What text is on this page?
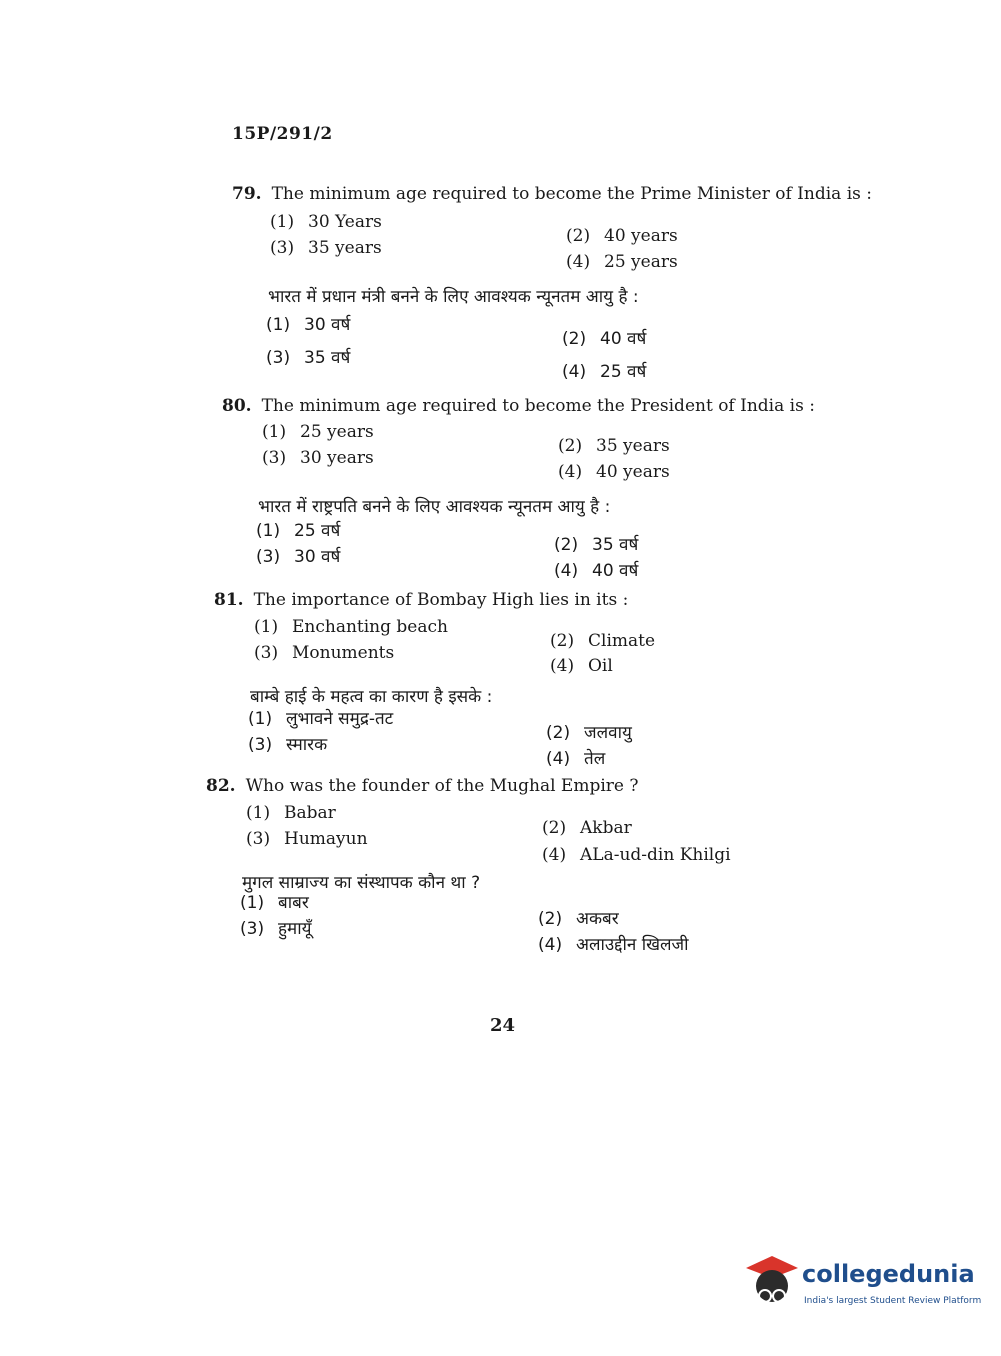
15P/291/2
79. The minimum age required to become the Prime Minister of India is :
(1) 30 Years
(2) 40 years
(3) 35 years
(4) 25 years
भारत में प्रधान मंत्री बनने के लिए आवश्यक न्यूनतम आयु है :
(1) 30 वर्ष
(2) 40 वर्ष
(3) 35 वर्ष
(4) 25 वर्ष
80. The minimum age required to become the President of India is :
(1) 25 years
(2) 35 years
(3) 30 years
(4) 40 years
भारत में राष्ट्रपति बनने के लिए आवश्यक न्यूनतम आयु है :
(1) 25 वर्ष
(2) 35 वर्ष
(3) 30 वर्ष
(4) 40 वर्ष
81. The importance of Bombay High lies in its :
(1) Enchanting beach
(2) Climate
(3) Monuments
(4) Oil
बाम्बे हाई के महत्व का कारण है इसके :
(1) लुभावने समुद्र-तट
(2) जलवायु
(3) स्मारक
(4) तेल
82. Who was the founder of the Mughal Empire ?
(1) Babar
(2) Akbar
(3) Humayun
(4) ALa-ud-din Khilgi
मुगल साम्राज्य का संस्थापक कौन था ?
(1) बाबर
(2) अकबर
(3) हुमायूँ
(4) अलाउद्दीन खिलजी
24
collegedunia
India's largest Student Review Platform
